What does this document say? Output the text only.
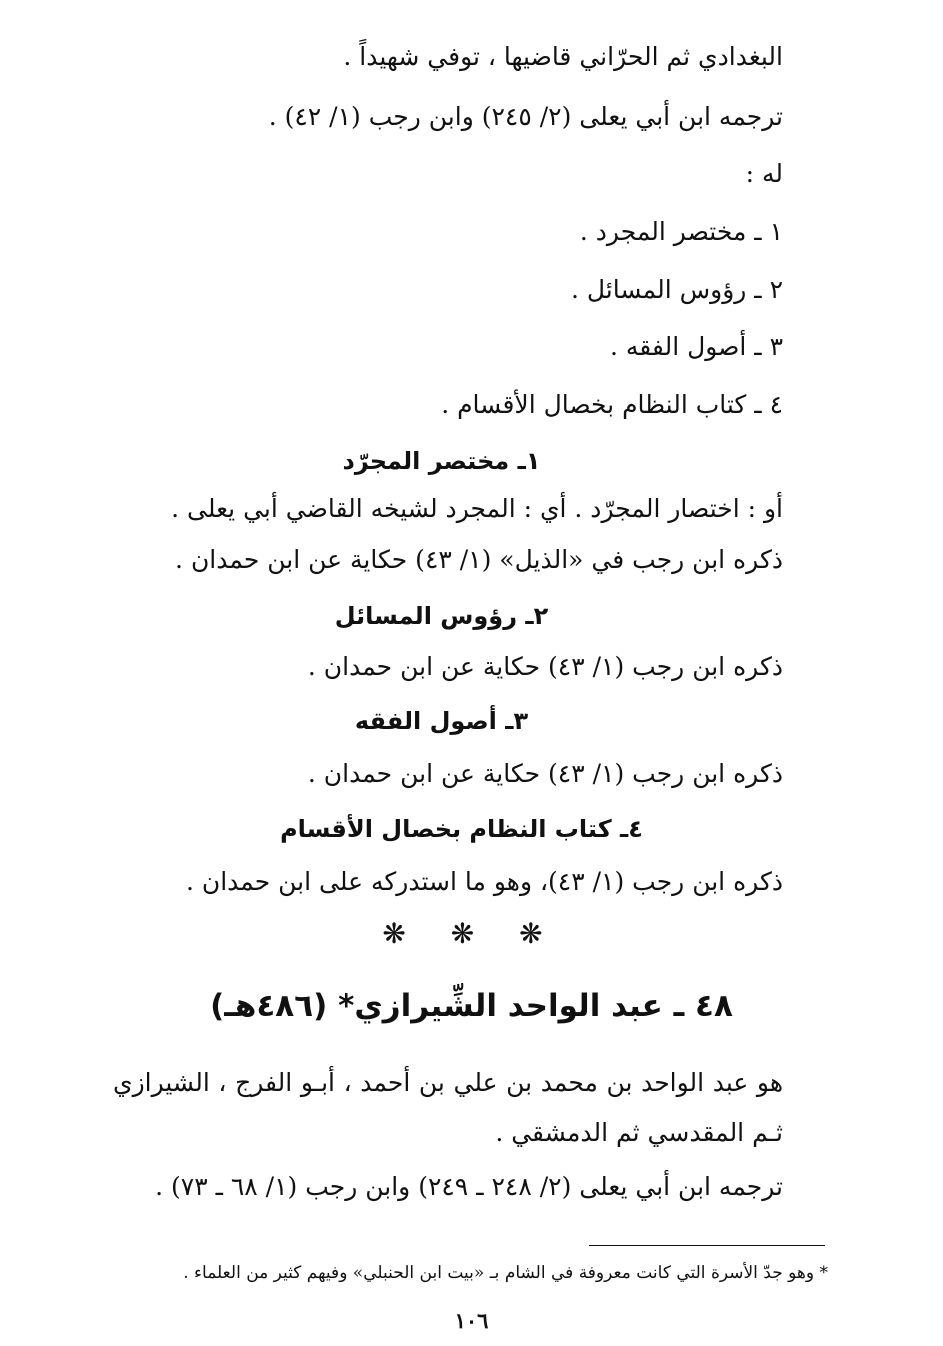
البغدادي ثم الحرّاني قاضيها ، توفي شهيداً .
ترجمه ابن أبي يعلى (٢/ ٢٤٥) وابن رجب (١/ ٤٢) .
له :
١ ـ مختصر المجرد .
٢ ـ رؤوس المسائل .
٣ ـ أصول الفقه .
٤ ـ كتاب النظام بخصال الأقسام .
١ـ مختصر المجرّد
أو : اختصار المجرّد . أي : المجرد لشيخه القاضي أبي يعلى .
ذكره ابن رجب في «الذيل» (١/ ٤٣) حكاية عن ابن حمدان .
٢ـ رؤوس المسائل
ذكره ابن رجب (١/ ٤٣) حكاية عن ابن حمدان .
٣ـ أصول الفقه
ذكره ابن رجب (١/ ٤٣) حكاية عن ابن حمدان .
٤ـ كتاب النظام بخصال الأقسام
ذكره ابن رجب (١/ ٤٣)، وهو ما استدركه على ابن حمدان .
❋ ❋ ❋
٤٨ ـ عبد الواحد الشِّيرازي* (٤٨٦هـ)
هو عبد الواحد بن محمد بن علي بن أحمد ، أبـو الفرج ، الشيرازي ثـم المقدسي ثم الدمشقي .
ترجمه ابن أبي يعلى (٢/ ٢٤٨ ـ ٢٤٩) وابن رجب (١/ ٦٨ ـ ٧٣) .
* وهو جدّ الأسرة التي كانت معروفة في الشام بـ «بيت ابن الحنبلي» وفيهم كثير من العلماء .
١٠٦
